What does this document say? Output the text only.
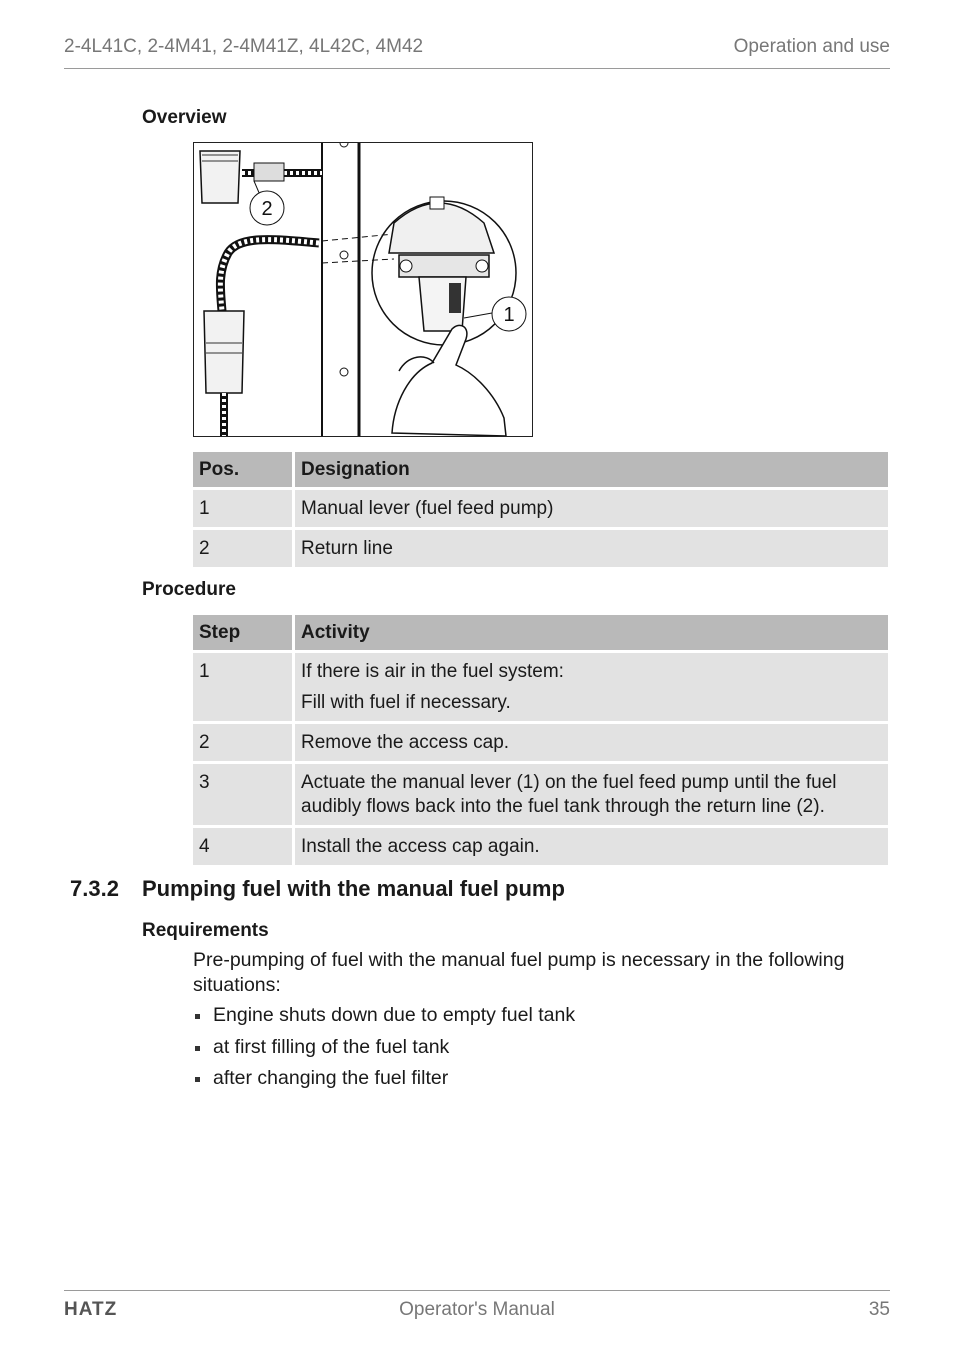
2-4L41C, 2-4M41, 2-4M41Z, 4L42C, 4M42	Operation and use
Overview
1
2
Pos.	Designation
1	Manual lever (fuel feed pump)
2	Return line
Procedure
Step	Activity
1	If there is air in the fuel system:
Fill with fuel if necessary.

2	Remove the access cap.
3	Actuate the manual lever (1) on the fuel feed pump until the fuel audibly flows back into the fuel tank through the return line (2).
4	Install the access cap again.
7.3.2 Pumping fuel with the manual fuel pump
Requirements
Pre-pumping of fuel with the manual fuel pump is necessary in the following situations:
Engine shuts down due to empty fuel tank
at first filling of the fuel tank
after changing the fuel filter
HATZ	Operator's Manual	35
